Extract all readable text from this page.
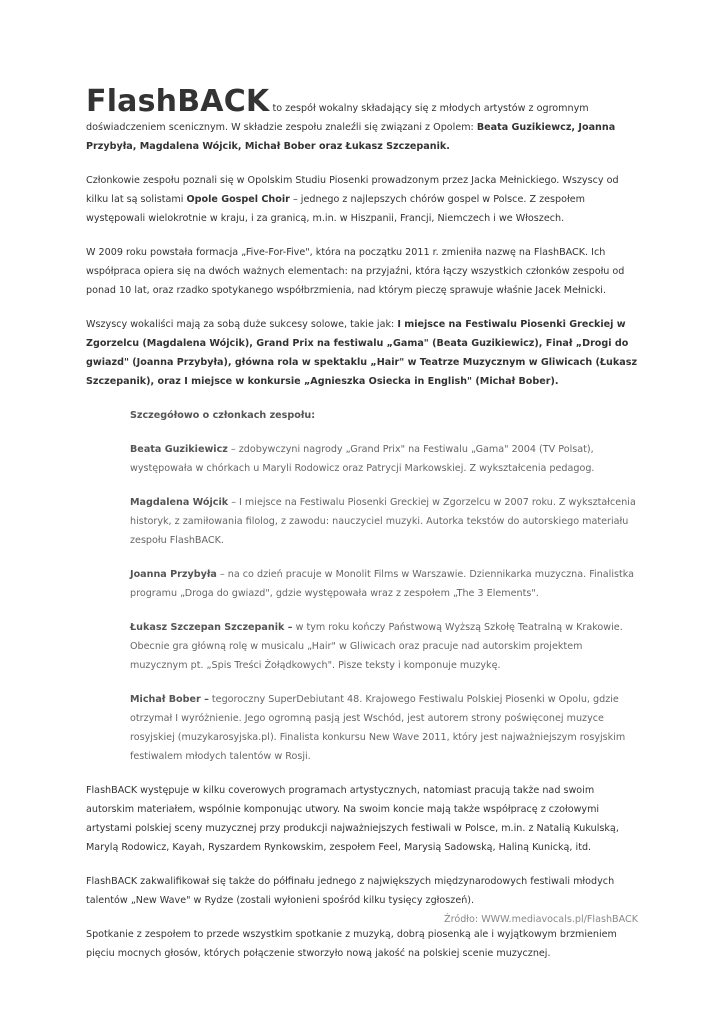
FlashBACK to zespół wokalny składający się z młodych artystów z ogromnym doświadczeniem scenicznym. W składzie zespołu znaleźli się związani z Opolem: Beata Guzikiewcz, Joanna Przybyła, Magdalena Wójcik, Michał Bober oraz Łukasz Szczepanik.

Członkowie zespołu poznali się w Opolskim Studiu Piosenki prowadzonym przez Jacka Mełnickiego. Wszyscy od kilku lat są solistami Opole Gospel Choir – jednego z najlepszych chórów gospel w Polsce. Z zespołem występowali wielokrotnie w kraju, i za granicą, m.in. w Hiszpanii, Francji, Niemczech i we Włoszech.

W 2009 roku powstała formacja „Five-For-Five", która na początku 2011 r. zmieniła nazwę na FlashBACK. Ich współpraca opiera się na dwóch ważnych elementach: na przyjaźni, która łączy wszystkich członków zespołu od ponad 10 lat, oraz rzadko spotykanego współbrzmienia, nad którym pieczę sprawuje właśnie Jacek Mełnicki.

Wszyscy wokaliści mają za sobą duże sukcesy solowe, takie jak: I miejsce na Festiwalu Piosenki Greckiej w Zgorzelcu (Magdalena Wójcik), Grand Prix na festiwalu „Gama" (Beata Guzikiewicz), Finał „Drogi do gwiazd" (Joanna Przybyła), główna rola w spektaklu „Hair" w Teatrze Muzycznym w Gliwicach (Łukasz Szczepanik), oraz I miejsce w konkursie „Agnieszka Osiecka in English" (Michał Bober).

Szczegółowo o członkach zespołu:

Beata Guzikiewicz – zdobywczyni nagrody „Grand Prix" na Festiwalu „Gama" 2004 (TV Polsat), występowała w chórkach u Maryli Rodowicz oraz Patrycji Markowskiej. Z wykształcenia pedagog.

Magdalena Wójcik – I miejsce na Festiwalu Piosenki Greckiej w Zgorzelcu w 2007 roku. Z wykształcenia historyk, z zamiłowania filolog, z zawodu: nauczyciel muzyki. Autorka tekstów do autorskiego materiału zespołu FlashBACK.

Joanna Przybyła – na co dzień pracuje w Monolit Films w Warszawie. Dziennikarka muzyczna. Finalistka programu „Droga do gwiazd", gdzie występowała wraz z zespołem „The 3 Elements".

Łukasz Szczepan Szczepanik – w tym roku kończy Państwową Wyższą Szkołę Teatralną w Krakowie. Obecnie gra główną rolę w musicalu „Hair" w Gliwicach oraz pracuje nad autorskim projektem muzycznym pt. „Spis Treści Żołądkowych". Pisze teksty i komponuje muzykę.

Michał Bober – tegoroczny SuperDebiutant 48. Krajowego Festiwalu Polskiej Piosenki w Opolu, gdzie otrzymał I wyróżnienie. Jego ogromną pasją jest Wschód, jest autorem strony poświęconej muzyce rosyjskiej (muzykarosyjska.pl). Finalista konkursu New Wave 2011, który jest najważniejszym rosyjskim festiwalem młodych talentów w Rosji.

FlashBACK występuje w kilku coverowych programach artystycznych, natomiast pracują także nad swoim autorskim materiałem, wspólnie komponując utwory. Na swoim koncie mają także współpracę z czołowymi artystami polskiej sceny muzycznej przy produkcji najważniejszych festiwali w Polsce, m.in. z Natalią Kukulską, Marylą Rodowicz, Kayah, Ryszardem Rynkowskim, zespołem Feel, Marysią Sadowską, Haliną Kunicką, itd.

FlashBACK zakwalifikował się także do półfinału jednego z największych międzynarodowych festiwali młodych talentów „New Wave" w Rydze (zostali wyłonieni spośród kilku tysięcy zgłoszeń).

Spotkanie z zespołem to przede wszystkim spotkanie z muzyką, dobrą piosenką ale i wyjątkowym brzmieniem pięciu mocnych głosów, których połączenie stworzyło nową jakość na polskiej scenie muzycznej.

Źródło: WWW.mediavocals.pl/FlashBACK
